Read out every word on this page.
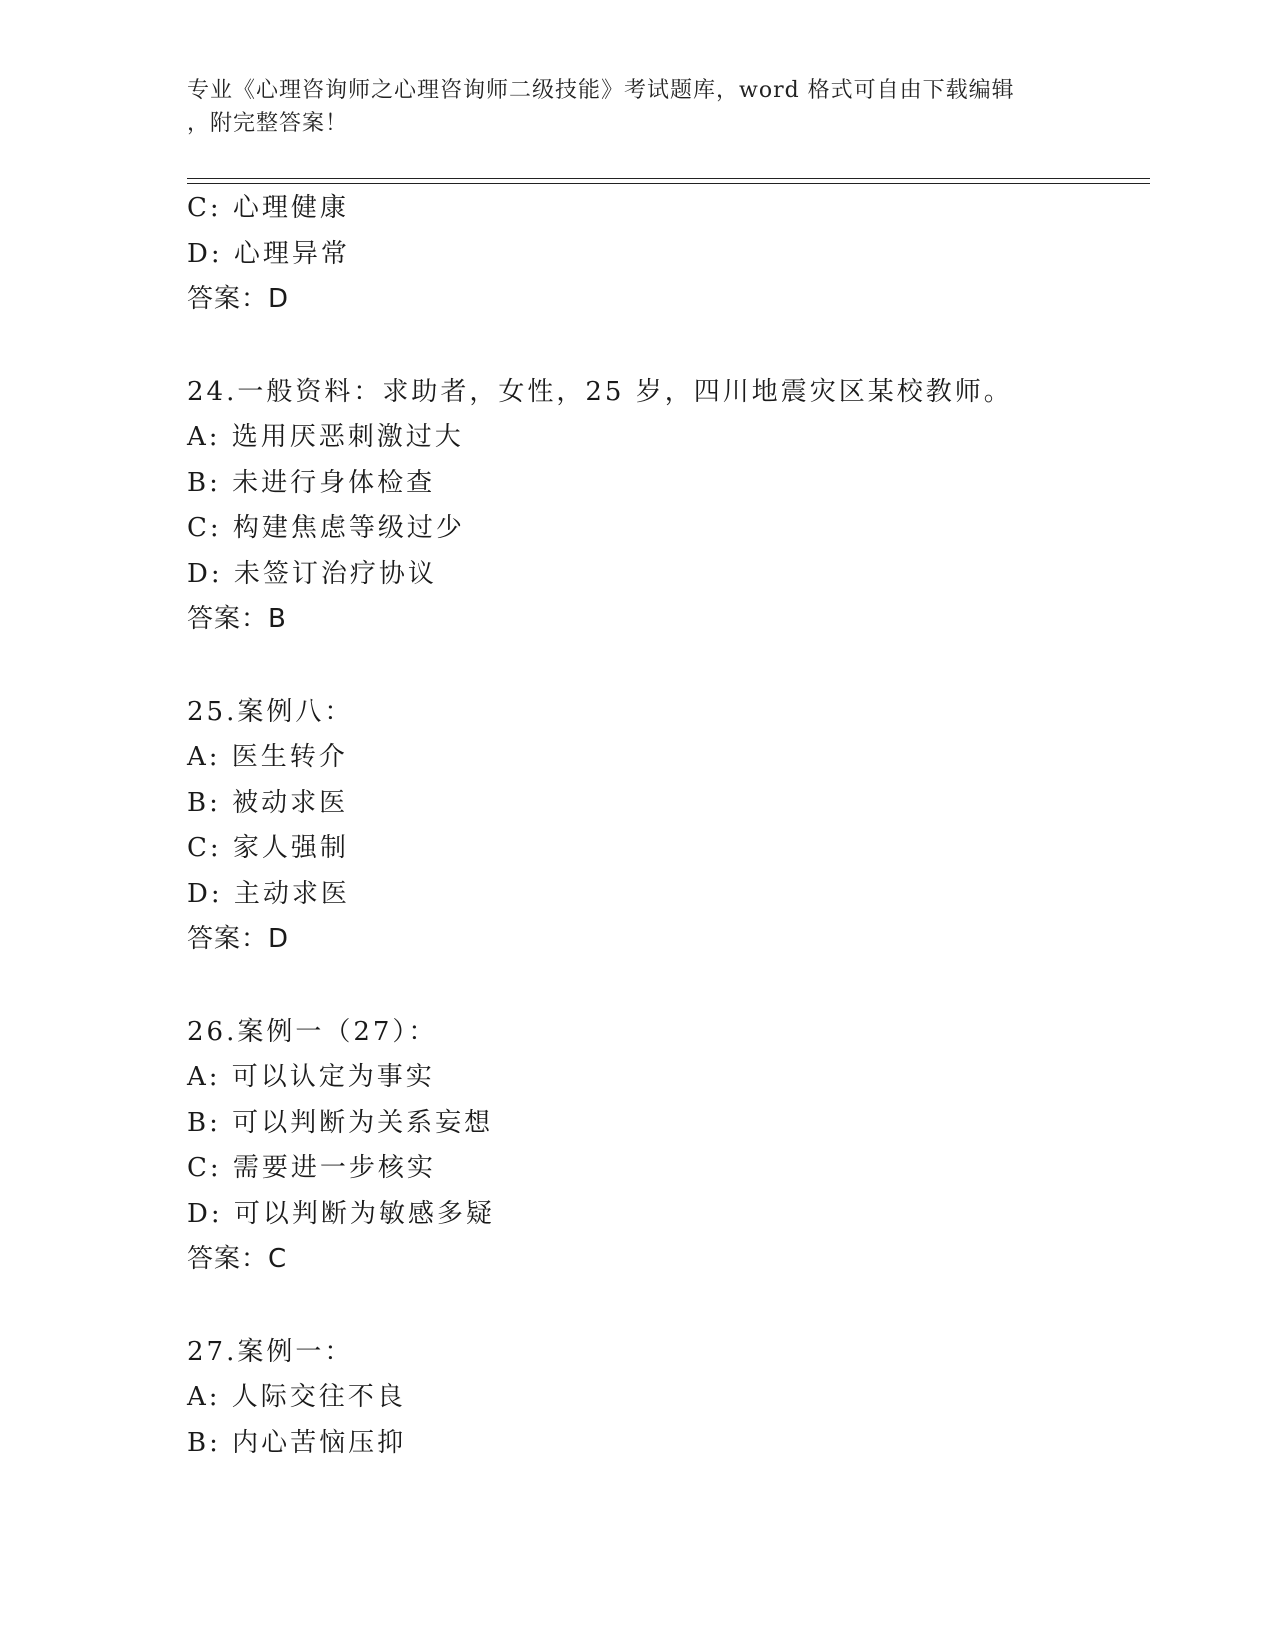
专业《心理咨询师之心理咨询师二级技能》考试题库，word 格式可自由下载编辑
，附完整答案！
C: 心理健康
D: 心理异常
答案：D
24.一般资料：求助者，女性，25 岁，四川地震灾区某校教师。
A: 选用厌恶刺激过大
B: 未进行身体检查
C: 构建焦虑等级过少
D: 未签订治疗协议
答案：B
25.案例八：
A: 医生转介
B: 被动求医
C: 家人强制
D: 主动求医
答案：D
26.案例一（27）：
A: 可以认定为事实
B: 可以判断为关系妄想
C: 需要进一步核实
D: 可以判断为敏感多疑
答案：C
27.案例一：
A: 人际交往不良
B: 内心苦恼压抑
